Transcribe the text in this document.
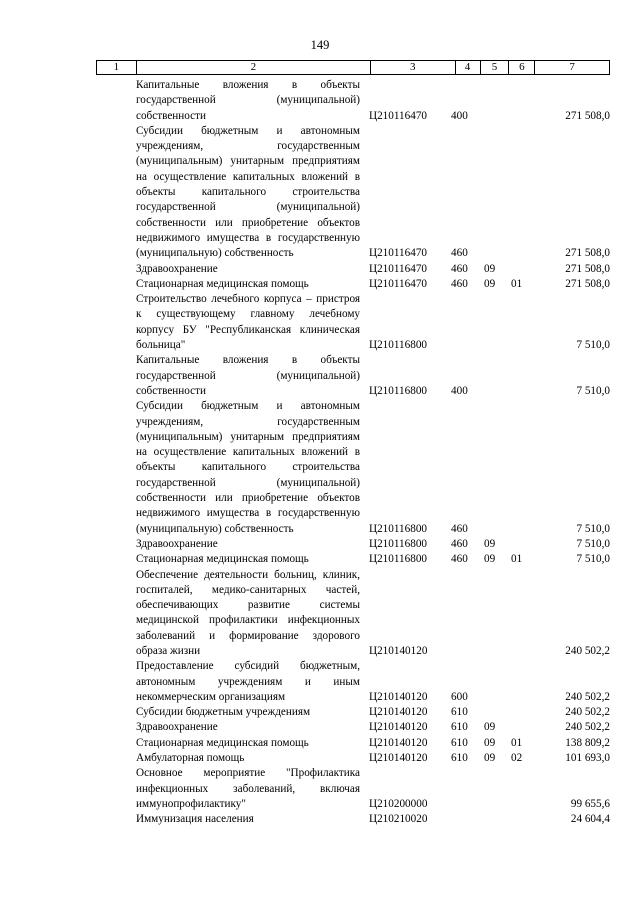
149
1	2	3	4	5	6	7
Капитальные вложения в объекты государственной (муниципальной) собственности	Ц210116470 400	271 508,0
Субсидии бюджетным и автономным учреждениям, государственным (муниципальным) унитарным предприятиям на осуществление капитальных вложений в объекты капитального строительства государственной (муниципальной) собственности или приобретение объектов недвижимого имущества в государственную (муниципальную) собственность	Ц210116470 460	271 508,0
Здравоохранение	Ц210116470 460 09	271 508,0
Стационарная медицинская помощь	Ц210116470 460 09 01	271 508,0
Строительство лечебного корпуса – пристроя к существующему главному лечебному корпусу БУ "Республиканская клиническая больница"	Ц210116800	7 510,0
Капитальные вложения в объекты государственной (муниципальной) собственности	Ц210116800 400	7 510,0
Субсидии бюджетным и автономным учреждениям, государственным (муниципальным) унитарным предприятиям на осуществление капитальных вложений в объекты капитального строительства государственной (муниципальной) собственности или приобретение объектов недвижимого имущества в государственную (муниципальную) собственность	Ц210116800 460	7 510,0
Здравоохранение	Ц210116800 460 09	7 510,0
Стационарная медицинская помощь	Ц210116800 460 09 01	7 510,0
Обеспечение деятельности больниц, клиник, госпиталей, медико-санитарных частей, обеспечивающих развитие системы медицинской профилактики инфекционных заболеваний и формирование здорового образа жизни	Ц210140120	240 502,2
Предоставление субсидий бюджетным, автономным учреждениям и иным некоммерческим организациям	Ц210140120 600	240 502,2
Субсидии бюджетным учреждениям	Ц210140120 610	240 502,2
Здравоохранение	Ц210140120 610 09	240 502,2
Стационарная медицинская помощь	Ц210140120 610 09 01	138 809,2
Амбулаторная помощь	Ц210140120 610 09 02	101 693,0
Основное мероприятие "Профилактика инфекционных заболеваний, включая иммунопрофилактику"	Ц210200000	99 655,6
Иммунизация населения	Ц210210020	24 604,4
